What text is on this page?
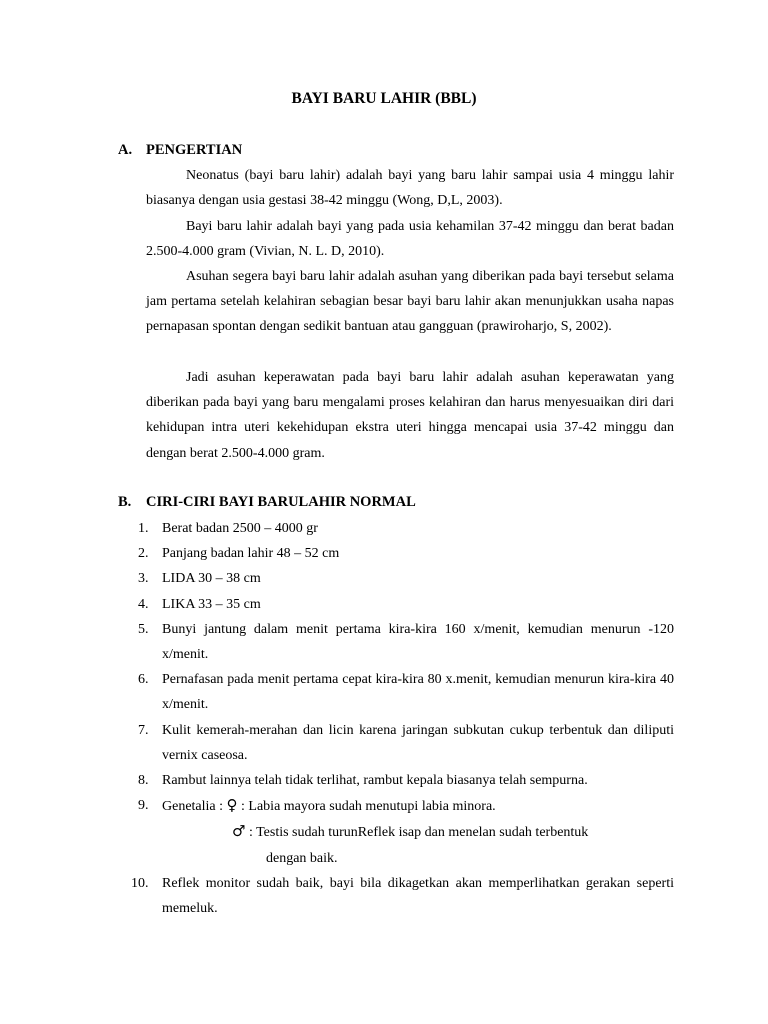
BAYI BARU LAHIR (BBL)
A. PENGERTIAN

Neonatus (bayi baru lahir) adalah bayi yang baru lahir sampai usia 4 minggu lahir biasanya dengan usia gestasi 38-42 minggu (Wong, D,L, 2003).

Bayi baru lahir adalah bayi yang pada usia kehamilan 37-42 minggu dan berat badan 2.500-4.000 gram (Vivian, N. L. D, 2010).

Asuhan segera bayi baru lahir adalah asuhan yang diberikan pada bayi tersebut selama jam pertama setelah kelahiran sebagian besar bayi baru lahir akan menunjukkan usaha napas pernapasan spontan dengan sedikit bantuan atau gangguan (prawiroharjo, S, 2002).

Jadi asuhan keperawatan pada bayi baru lahir adalah asuhan keperawatan yang diberikan pada bayi yang baru mengalami proses kelahiran dan harus menyesuaikan diri dari kehidupan intra uteri kekehidupan ekstra uteri hingga mencapai usia 37-42 minggu dan dengan berat 2.500-4.000 gram.

B. CIRI-CIRI BAYI BARULAHIR NORMAL
1. Berat badan 2500 – 4000 gr
2. Panjang badan lahir 48 – 52 cm
3. LIDA 30 – 38 cm
4. LIKA 33 – 35 cm
5. Bunyi jantung dalam menit pertama kira-kira 160 x/menit, kemudian menurun -120 x/menit.
6. Pernafasan pada menit pertama cepat kira-kira 80 x.menit, kemudian menurun kira-kira 40 x/menit.
7. Kulit kemerah-merahan dan licin karena jaringan subkutan cukup terbentuk dan diliputi vernix caseosa.
8. Rambut lainnya telah tidak terlihat, rambut kepala biasanya telah sempurna.
9. Genetalia : ♀ : Labia mayora sudah menutupi labia minora.
♂ : Testis sudah turunReflek isap dan menelan sudah terbentuk
dengan baik.
10. Reflek monitor sudah baik, bayi bila dikagetkan akan memperlihatkan gerakan seperti memeluk.
